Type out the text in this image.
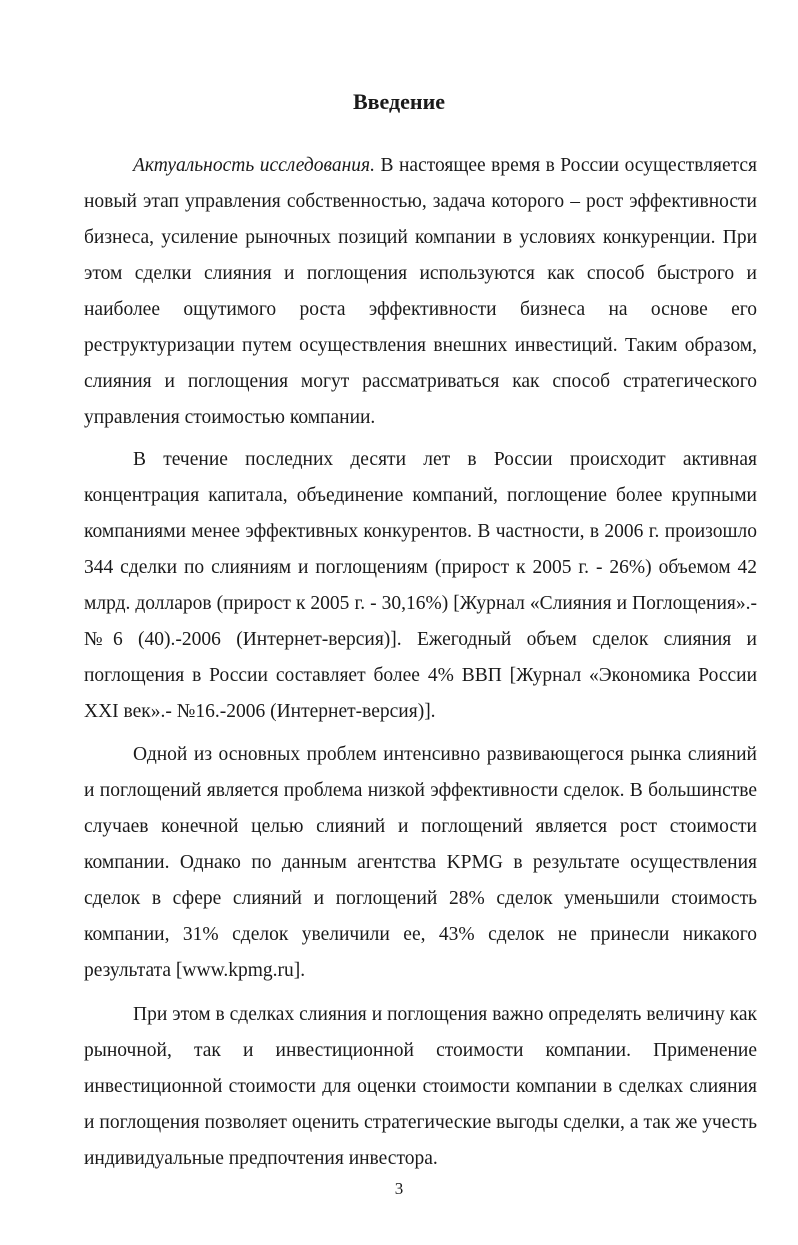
Введение

Актуальность исследования. В настоящее время в России осуществляется новый этап управления собственностью, задача которого – рост эффективности бизнеса, усиление рыночных позиций компании в условиях конкуренции. При этом сделки слияния и поглощения используются как способ быстрого и наиболее ощутимого роста эффективности бизнеса на основе его реструктуризации путем осуществления внешних инвестиций. Таким образом, слияния и поглощения могут рассматриваться как способ стратегического управления стоимостью компании.

В течение последних десяти лет в России происходит активная концентрация капитала, объединение компаний, поглощение более крупными компаниями менее эффективных конкурентов. В частности, в 2006 г. произошло 344 сделки по слияниям и поглощениям (прирост к 2005 г. - 26%) объемом 42 млрд. долларов (прирост к 2005 г. - 30,16%) [Журнал «Слияния и Поглощения».-№6 (40).-2006 (Интернет-версия)]. Ежегодный объем сделок слияния и поглощения в России составляет более 4% ВВП [Журнал «Экономика России XXI век».- №16.-2006 (Интернет-версия)].

Одной из основных проблем интенсивно развивающегося рынка слияний и поглощений является проблема низкой эффективности сделок. В большинстве случаев конечной целью слияний и поглощений является рост стоимости компании. Однако по данным агентства KPMG в результате осуществления сделок в сфере слияний и поглощений 28% сделок уменьшили стоимость компании, 31% сделок увеличили ее, 43% сделок не принесли никакого результата [www.kpmg.ru].

При этом в сделках слияния и поглощения важно определять величину как рыночной, так и инвестиционной стоимости компании. Применение инвестиционной стоимости для оценки стоимости компании в сделках слияния и поглощения позволяет оценить стратегические выгоды сделки, а так же учесть индивидуальные предпочтения инвестора.

3
